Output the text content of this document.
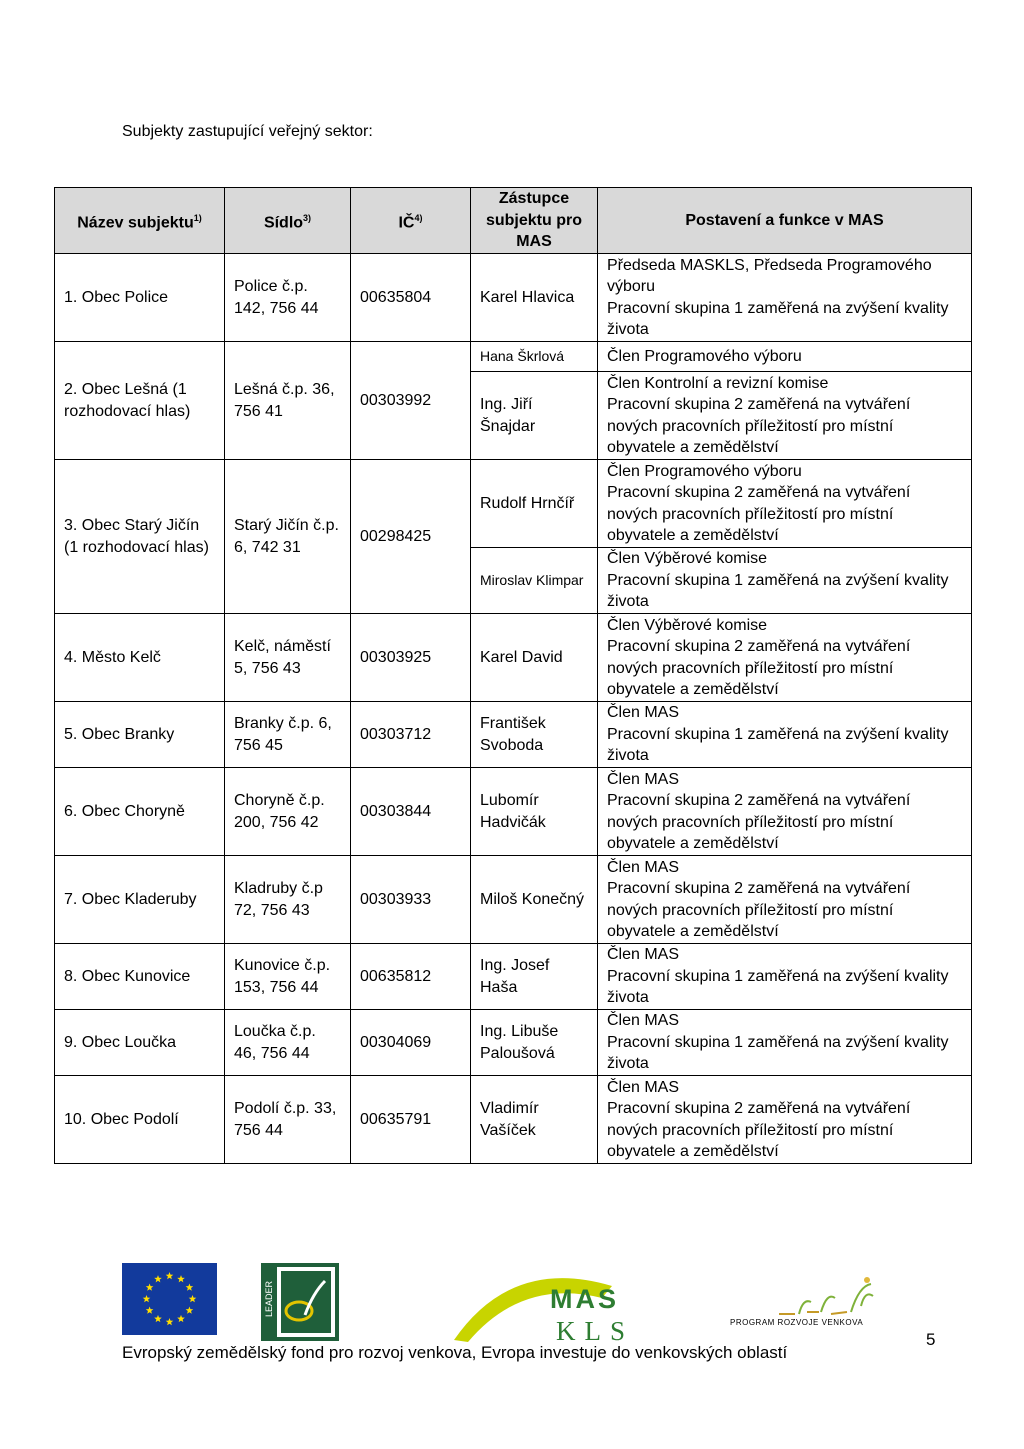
Subjekty zastupující veřejný sektor:
Název subjektu$^{1)}$	Sídlo$^{3)}$	IČ$^{4)}$	Zástupce subjektu pro MAS	Postavení a funkce v MAS
1. Obec Police	Police č.p. 142, 756 44	00635804	Karel Hlavica	Předseda MASKLS, Předseda Programového výboru
Pracovní skupina 1 zaměřená na zvýšení kvality života

2. Obec Lešná (1 rozhodovací hlas)	Lešná č.p. 36, 756 41	00303992	Hana Škrlová	Člen Programového výboru

			Ing. Jiří Šnajdar	Člen Kontrolní a revizní komise
Pracovní skupina 2 zaměřená na vytváření nových pracovních příležitostí pro místní obyvatele a zemědělství

3. Obec Starý Jičín (1 rozhodovací hlas)	Starý Jičín č.p. 6, 742 31	00298425	Rudolf Hrnčíř	Člen Programového výboru
Pracovní skupina 2 zaměřená na vytváření nových pracovních příležitostí pro místní obyvatele a zemědělství

			Miroslav Klimpar	Člen Výběrové komise
Pracovní skupina 1 zaměřená na zvýšení kvality života

4. Město Kelč	Kelč, náměstí 5, 756 43	00303925	Karel David	Člen Výběrové komise
Pracovní skupina 2 zaměřená na vytváření nových pracovních příležitostí pro místní obyvatele a zemědělství

5. Obec Branky	Branky č.p. 6, 756 45	00303712	František Svoboda	Člen MAS
Pracovní skupina 1 zaměřená na zvýšení kvality života

6. Obec Choryně	Choryně č.p. 200, 756 42	00303844	Lubomír Hadvičák	Člen MAS
Pracovní skupina 2 zaměřená na vytváření nových pracovních příležitostí pro místní obyvatele a zemědělství

7. Obec Kladeruby	Kladruby č.p 72, 756 43	00303933	Miloš Konečný	Člen MAS
Pracovní skupina 2 zaměřená na vytváření nových pracovních příležitostí pro místní obyvatele a zemědělství

8. Obec Kunovice	Kunovice č.p. 153, 756 44	00635812	Ing. Josef Haša	Člen MAS
Pracovní skupina 1 zaměřená na zvýšení kvality života

9. Obec Loučka	Loučka č.p. 46, 756 44	00304069	Ing. Libuše Paloušová	Člen MAS
Pracovní skupina 1 zaměřená na zvýšení kvality života

10. Obec Podolí	Podolí č.p. 33, 756 44	00635791	Vladimír Vašíček	Člen MAS
Pracovní skupina 2 zaměřená na vytváření nových pracovních příležitostí pro místní obyvatele a zemědělství
LEADER	MAS
KLS	PROGRAM ROZVOJE VENKOVA
Evropský zemědělský fond pro rozvoj venkova, Evropa investuje do venkovských oblastí
5
